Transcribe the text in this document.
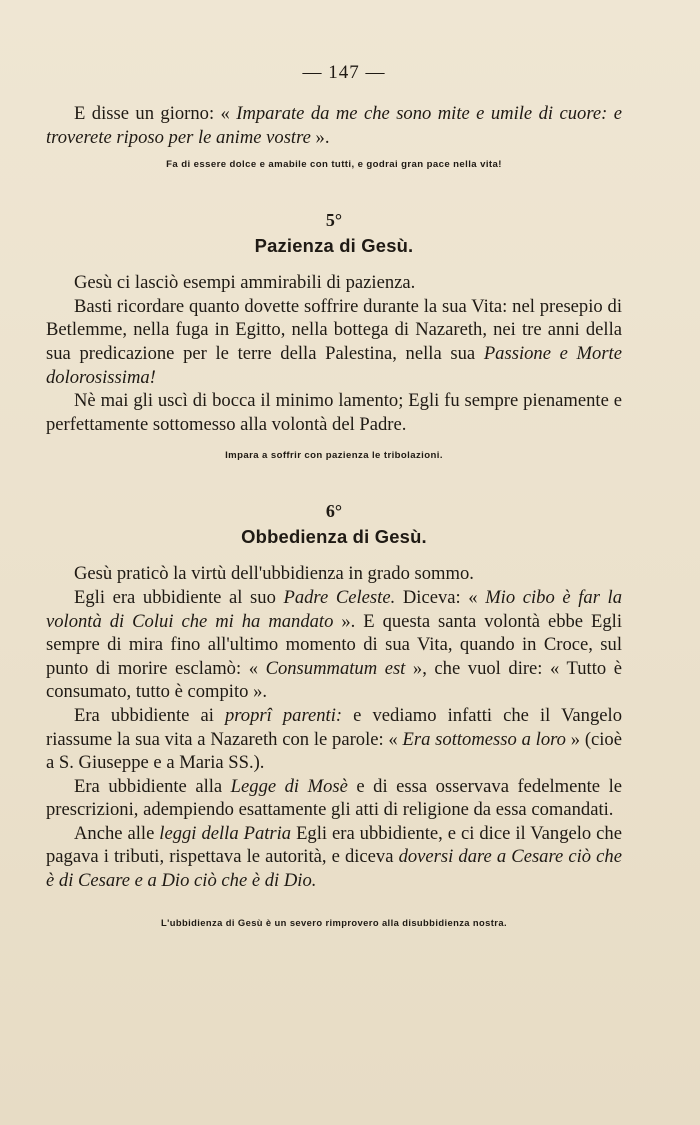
— 147 —

E disse un giorno: « Imparate da me che sono mite e umile di cuore: e troverete riposo per le anime vostre ».

Fa di essere dolce e amabile con tutti, e godrai gran pace nella vita!

5°
Pazienza di Gesù.

Gesù ci lasciò esempi ammirabili di pazienza.

Basti ricordare quanto dovette soffrire durante la sua Vita: nel presepio di Betlemme, nella fuga in Egitto, nella bottega di Nazareth, nei tre anni della sua predicazione per le terre della Palestina, nella sua Passione e Morte dolorosissima!

Nè mai gli uscì di bocca il minimo lamento; Egli fu sempre pienamente e perfettamente sottomesso alla volontà del Padre.

Impara a soffrir con pazienza le tribolazioni.

6°
Obbedienza di Gesù.

Gesù praticò la virtù dell'ubbidienza in grado sommo.

Egli era ubbidiente al suo Padre Celeste. Diceva: « Mio cibo è far la volontà di Colui che mi ha mandato ». E questa santa volontà ebbe Egli sempre di mira fino all'ultimo momento di sua Vita, quando in Croce, sul punto di morire esclamò: « Consummatum est », che vuol dire: « Tutto è consumato, tutto è compito ».

Era ubbidiente ai proprî parenti: e vediamo infatti che il Vangelo riassume la sua vita a Nazareth con le parole: « Era sottomesso a loro » (cioè a S. Giuseppe e a Maria SS.).

Era ubbidiente alla Legge di Mosè e di essa osservava fedelmente le prescrizioni, adempiendo esattamente gli atti di religione da essa comandati.

Anche alle leggi della Patria Egli era ubbidiente, e ci dice il Vangelo che pagava i tributi, rispettava le autorità, e diceva doversi dare a Cesare ciò che è di Cesare e a Dio ciò che è di Dio.

L'ubbidienza di Gesù è un severo rimprovero alla disubbidienza nostra.
